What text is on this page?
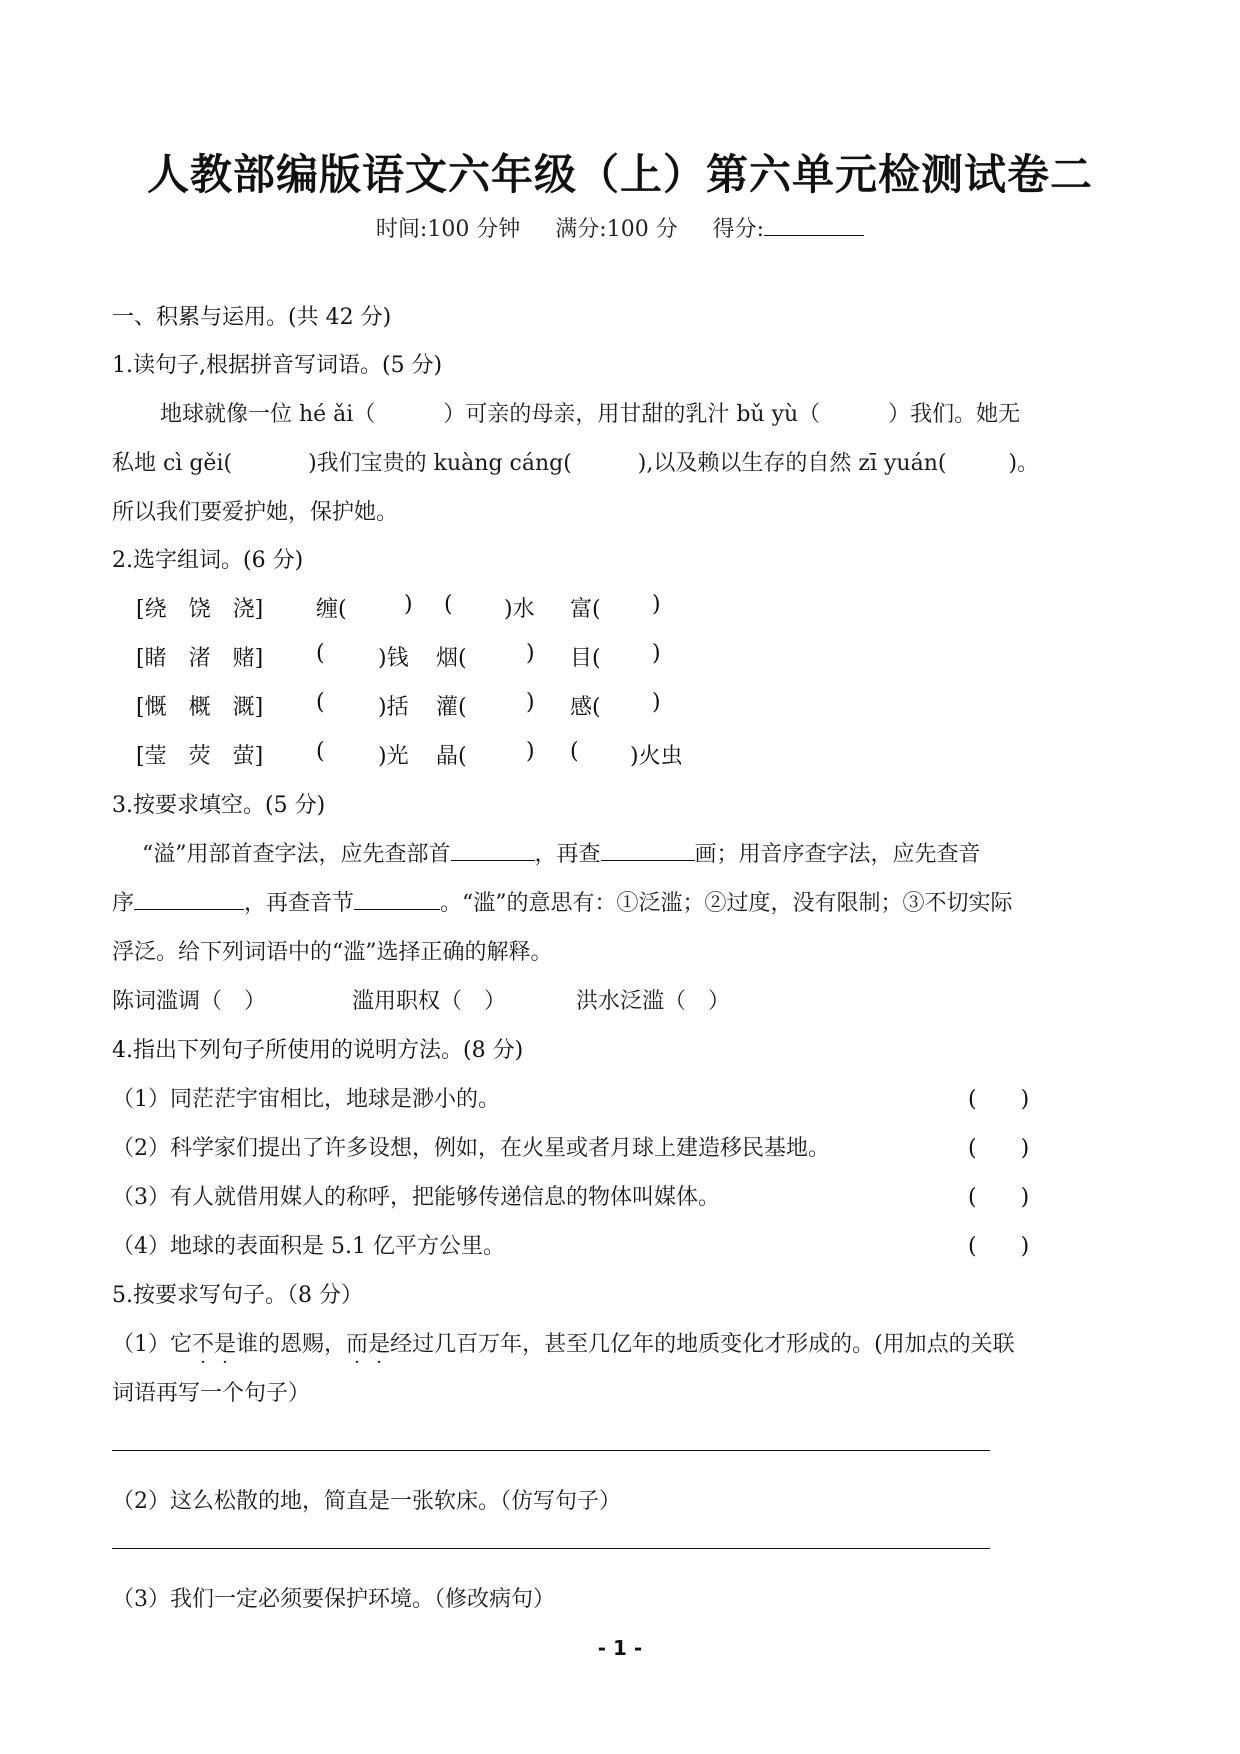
人教部编版语文六年级（上）第六单元检测试卷二
时间:100 分钟 满分:100 分 得分:
一、积累与运用。(共 42 分)
1.读句子,根据拼音写词语。(5 分)
地球就像一位 hé ǎi（	）可亲的母亲，用甘甜的乳汁 bǔ yù（	）我们。她无
私地 cì gěi(	)我们宝贵的 kuàng cáng(	),以及赖以生存的自然 zī yuán(	)。
所以我们要爱护她，保护她。
2.选字组词。(6 分)
[绕　饶　浇] 缠(	) ( )水 富( )
[睹　渚　赌] ( )钱 烟(	) 目( )
[慨　概　溉] ( )括 灌(	) 感( )
[莹　荧　萤] ( )光 晶(	) ( )火虫
3.按要求填空。(5 分)
“溢”用部首查字法，应先查部首	，再查	画；用音序查字法，应先查音
序	，再查音节	。“滥”的意思有：①泛滥；②过度，没有限制；③不切实际
浮泛。给下列词语中的“滥”选择正确的解释。
陈词滥调（　）	滥用职权（　）	洪水泛滥（　）
4.指出下列句子所使用的说明方法。(8 分)
（1）同茫茫宇宙相比，地球是渺小的。	(　　)
（2）科学家们提出了许多设想，例如，在火星或者月球上建造移民基地。	(　　)
（3）有人就借用媒人的称呼，把能够传递信息的物体叫媒体。	(　　)
（4）地球的表面积是 5.1 亿平方公里。	(　　)
5.按要求写句子。（8 分）
（1）它不是谁的恩赐，而是经过几百万年，甚至几亿年的地质变化才形成的。(用加点的关联
词语再写一个句子）
（2）这么松散的地，简直是一张软床。（仿写句子）
（3）我们一定必须要保护环境。（修改病句）
- 1 -
